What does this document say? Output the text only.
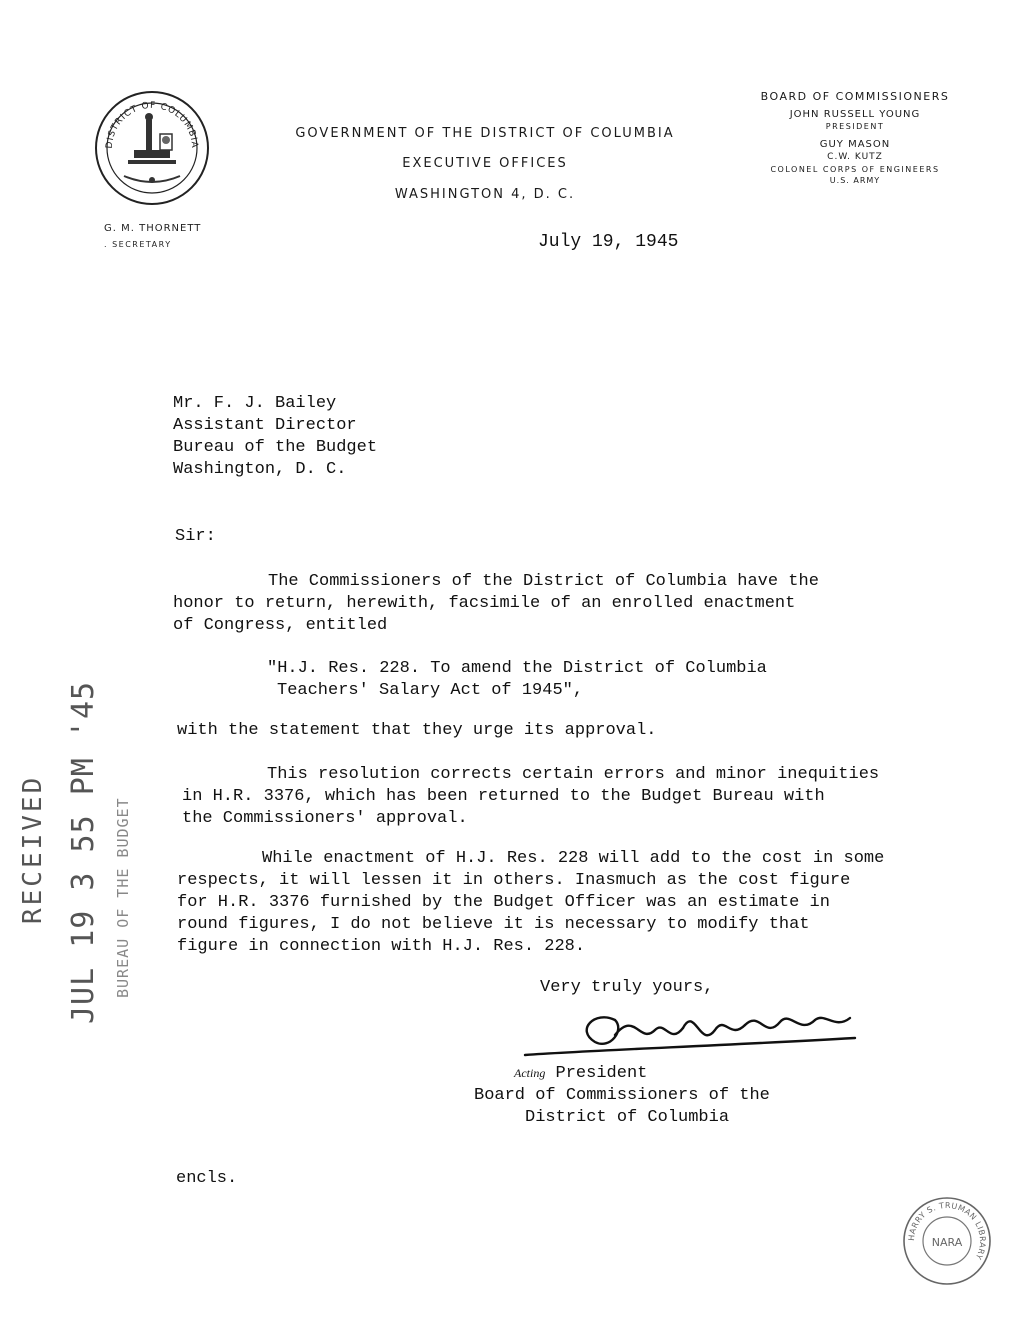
DISTRICT OF COLUMBIA
G. M. THORNETT
. SECRETARY
GOVERNMENT OF THE DISTRICT OF COLUMBIA
EXECUTIVE OFFICES
WASHINGTON 4, D. C.
BOARD OF COMMISSIONERS
JOHN RUSSELL YOUNG
PRESIDENT
GUY MASON
C.W. KUTZ
COLONEL CORPS OF ENGINEERS
U.S. ARMY
July 19, 1945
Mr. F. J. Bailey
Assistant Director
Bureau of the Budget
Washington, D. C.
Sir:
The Commissioners of the District of Columbia have the
honor to return, herewith, facsimile of an enrolled enactment
of Congress, entitled
"H.J. Res. 228. To amend the District of Columbia
Teachers' Salary Act of 1945",
with the statement that they urge its approval.
This resolution corrects certain errors and minor inequities
in H.R. 3376, which has been returned to the Budget Bureau with
the Commissioners' approval.
While enactment of H.J. Res. 228 will add to the cost in some
respects, it will lessen it in others. Inasmuch as the cost figure
for H.R. 3376 furnished by the Budget Officer was an estimate in
round figures, I do not believe it is necessary to modify that
figure in connection with H.J. Res. 228.
Very truly yours,
Acting President
Board of Commissioners of the
District of Columbia
encls.
RECEIVED JUL 19 3 55 PM '45 BUREAU OF THE BUDGET
HARRY S. TRUMAN LIBRARY
NARA
